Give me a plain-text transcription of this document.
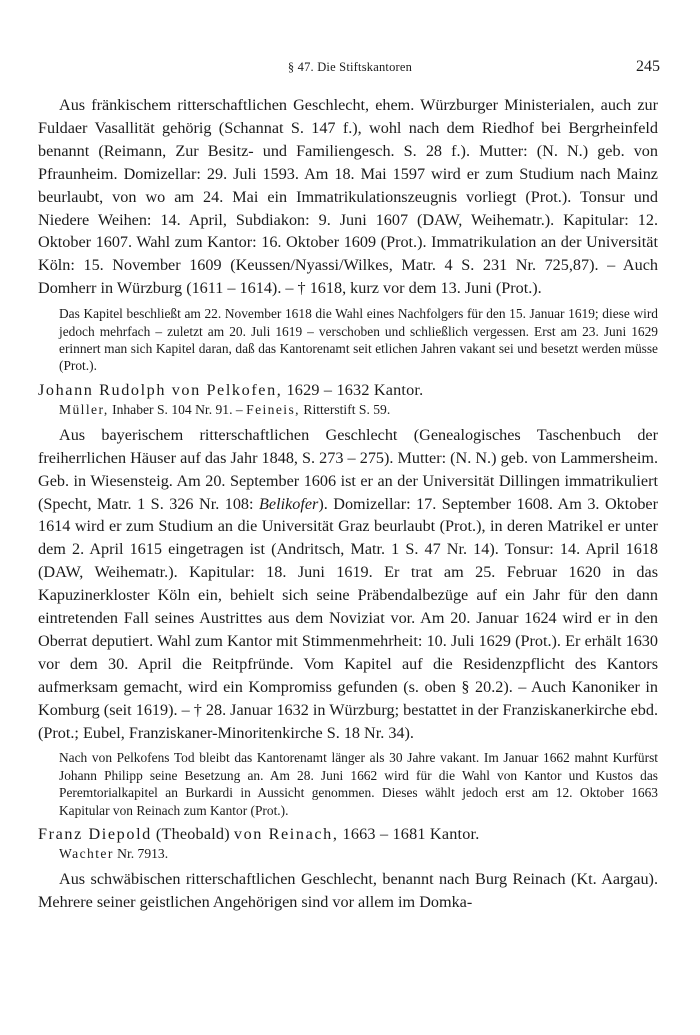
§ 47. Die Stiftskantoren	245

Aus fränkischem ritterschaftlichen Geschlecht, ehem. Würzburger Ministerialen, auch zur Fuldaer Vasallität gehörig (Schannat S. 147 f.), wohl nach dem Riedhof bei Bergrheinfeld benannt (Reimann, Zur Besitz- und Familiengesch. S. 28 f.). Mutter: (N. N.) geb. von Pfraunheim. Domizellar: 29. Juli 1593. Am 18. Mai 1597 wird er zum Studium nach Mainz beurlaubt, von wo am 24. Mai ein Immatrikulationszeugnis vorliegt (Prot.). Tonsur und Niedere Weihen: 14. April, Subdiakon: 9. Juni 1607 (DAW, Weihematr.). Kapitular: 12. Oktober 1607. Wahl zum Kantor: 16. Oktober 1609 (Prot.). Immatrikulation an der Universität Köln: 15. November 1609 (Keussen/Nyassi/Wilkes, Matr. 4 S. 231 Nr. 725,87). – Auch Domherr in Würzburg (1611 – 1614). – † 1618, kurz vor dem 13. Juni (Prot.).

Das Kapitel beschließt am 22. November 1618 die Wahl eines Nachfolgers für den 15. Januar 1619; diese wird jedoch mehrfach – zuletzt am 20. Juli 1619 – verschoben und schließlich vergessen. Erst am 23. Juni 1629 erinnert man sich Kapitel daran, daß das Kantorenamt seit etlichen Jahren vakant sei und besetzt werden müsse (Prot.).

Johann Rudolph von Pelkofen, 1629 – 1632 Kantor.
Müller, Inhaber S. 104 Nr. 91. – Feineis, Ritterstift S. 59.

Aus bayerischem ritterschaftlichen Geschlecht (Genealogisches Taschenbuch der freiherrlichen Häuser auf das Jahr 1848, S. 273 – 275). Mutter: (N. N.) geb. von Lammersheim. Geb. in Wiesensteig. Am 20. September 1606 ist er an der Universität Dillingen immatrikuliert (Specht, Matr. 1 S. 326 Nr. 108: Belikofer). Domizellar: 17. September 1608. Am 3. Oktober 1614 wird er zum Studium an die Universität Graz beurlaubt (Prot.), in deren Matrikel er unter dem 2. April 1615 eingetragen ist (Andritsch, Matr. 1 S. 47 Nr. 14). Tonsur: 14. April 1618 (DAW, Weihematr.). Kapitular: 18. Juni 1619. Er trat am 25. Februar 1620 in das Kapuzinerkloster Köln ein, behielt sich seine Präbendalbezüge auf ein Jahr für den dann eintretenden Fall seines Austrittes aus dem Noviziat vor. Am 20. Januar 1624 wird er in den Oberrat deputiert. Wahl zum Kantor mit Stimmenmehrheit: 10. Juli 1629 (Prot.). Er erhält 1630 vor dem 30. April die Reitpfründe. Vom Kapitel auf die Residenzpflicht des Kantors aufmerksam gemacht, wird ein Kompromiss gefunden (s. oben § 20.2). – Auch Kanoniker in Komburg (seit 1619). – † 28. Januar 1632 in Würzburg; bestattet in der Franziskanerkirche ebd. (Prot.; Eubel, Franziskaner-Minoritenkirche S. 18 Nr. 34).

Nach von Pelkofens Tod bleibt das Kantorenamt länger als 30 Jahre vakant. Im Januar 1662 mahnt Kurfürst Johann Philipp seine Besetzung an. Am 28. Juni 1662 wird für die Wahl von Kantor und Kustos das Peremtorialkapitel an Burkardi in Aussicht genommen. Dieses wählt jedoch erst am 12. Oktober 1663 Kapitular von Reinach zum Kantor (Prot.).

Franz Diepold (Theobald) von Reinach, 1663 – 1681 Kantor.
Wachter Nr. 7913.

Aus schwäbischen ritterschaftlichen Geschlecht, benannt nach Burg Reinach (Kt. Aargau). Mehrere seiner geistlichen Angehörigen sind vor allem im Domka-
